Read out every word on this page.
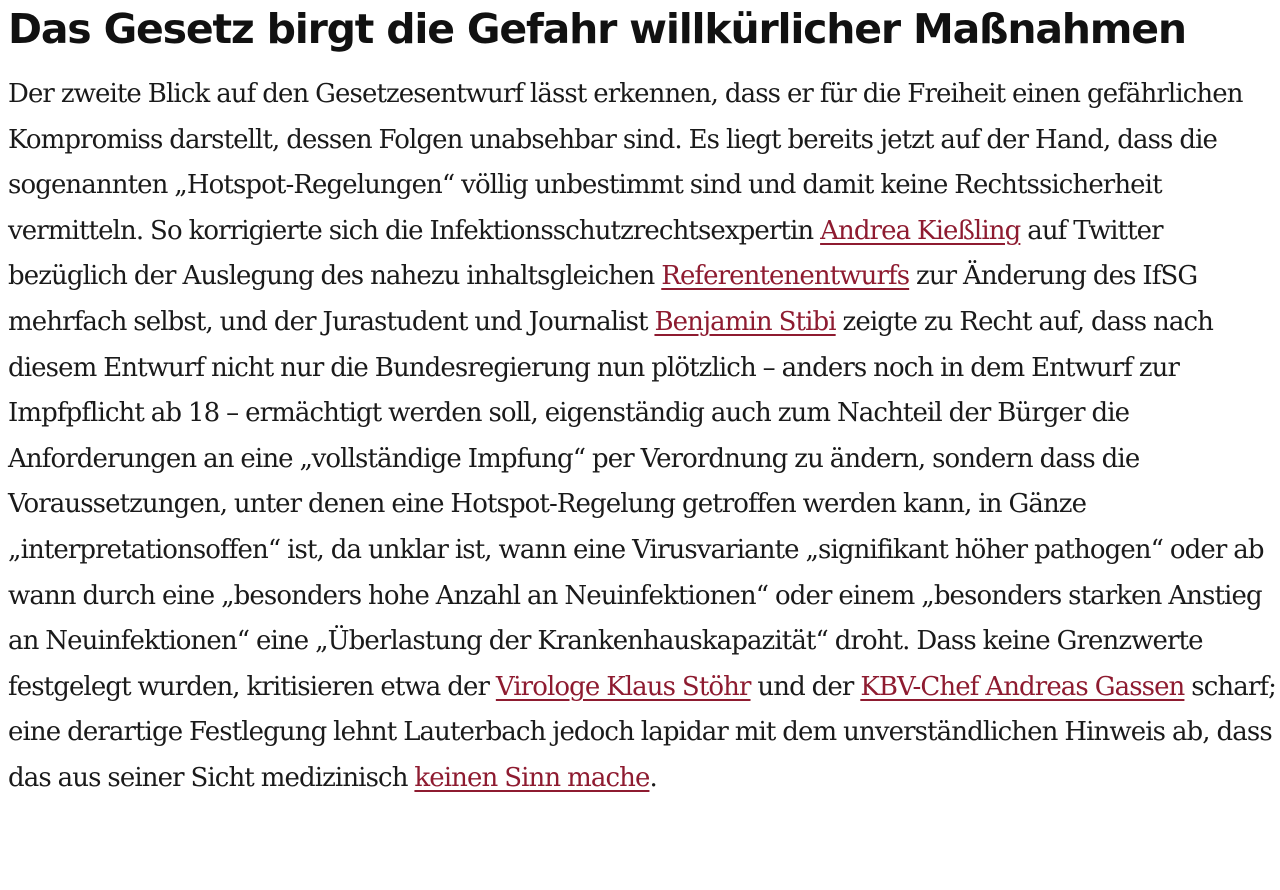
Das Gesetz birgt die Gefahr willkürlicher Maßnahmen

Der zweite Blick auf den Gesetzesentwurf lässt erkennen, dass er für die Freiheit einen gefährlichen Kompromiss darstellt, dessen Folgen unabsehbar sind. Es liegt bereits jetzt auf der Hand, dass die sogenannten „Hotspot-Regelungen“ völlig unbestimmt sind und damit keine Rechtssicherheit vermitteln. So korrigierte sich die Infektionsschutzrechtsexpertin Andrea Kießling auf Twitter bezüglich der Auslegung des nahezu inhaltsgleichen Referentenentwurfs zur Änderung des IfSG mehrfach selbst, und der Jurastudent und Journalist Benjamin Stibi zeigte zu Recht auf, dass nach diesem Entwurf nicht nur die Bundesregierung nun plötzlich – anders noch in dem Entwurf zur Impfpflicht ab 18 – ermächtigt werden soll, eigenständig auch zum Nachteil der Bürger die Anforderungen an eine „vollständige Impfung“ per Verordnung zu ändern, sondern dass die Voraussetzungen, unter denen eine Hotspot-Regelung getroffen werden kann, in Gänze „interpretationsoffen“ ist, da unklar ist, wann eine Virusvariante „signifikant höher pathogen“ oder ab wann durch eine „besonders hohe Anzahl an Neuinfektionen“ oder einem „besonders starken Anstieg an Neuinfektionen“ eine „Überlastung der Krankenhauskapazität“ droht. Dass keine Grenzwerte festgelegt wurden, kritisieren etwa der Virologe Klaus Stöhr und der KBV-Chef Andreas Gassen scharf; eine derartige Festlegung lehnt Lauterbach jedoch lapidar mit dem unverständlichen Hinweis ab, dass das aus seiner Sicht medizinisch keinen Sinn mache.
